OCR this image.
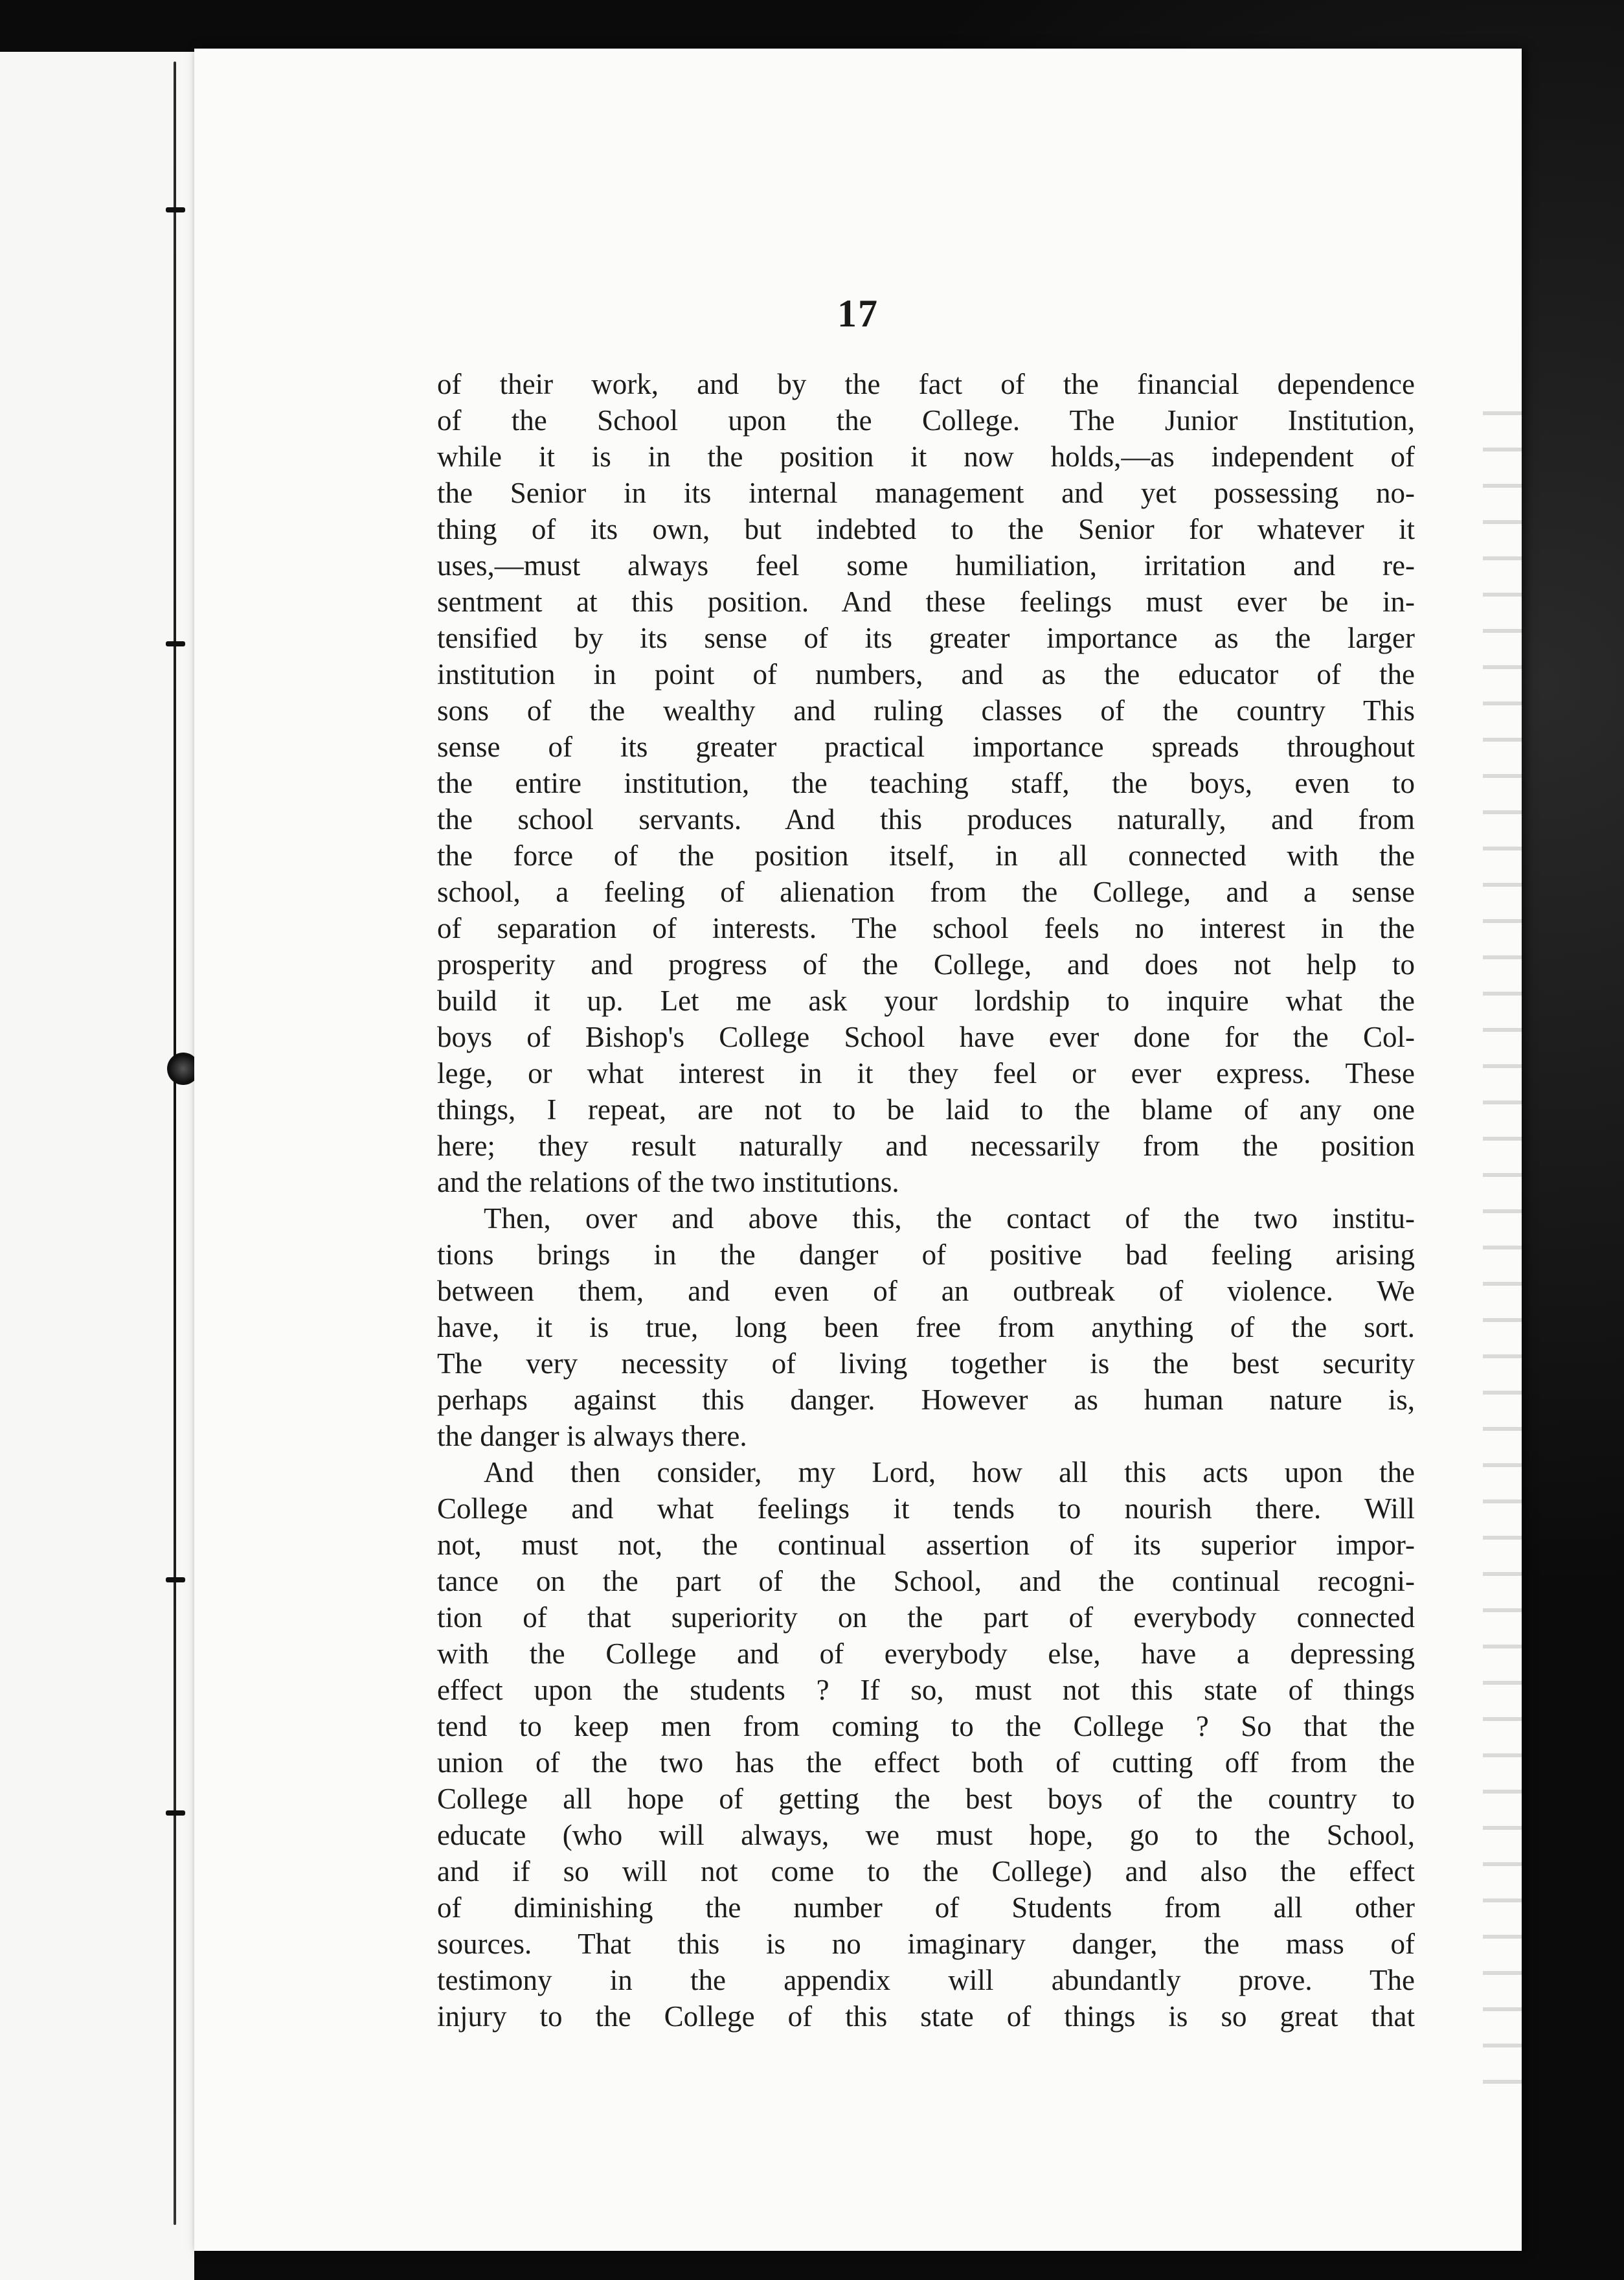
17
of their work, and by the fact of the financial dependence
of the School upon the College. The Junior Institution,
while it is in the position it now holds,—as independent of
the Senior in its internal management and yet possessing no-
thing of its own, but indebted to the Senior for whatever it
uses,—must always feel some humiliation, irritation and re-
sentment at this position. And these feelings must ever be in-
tensified by its sense of its greater importance as the larger
institution in point of numbers, and as the educator of the
sons of the wealthy and ruling classes of the country This
sense of its greater practical importance spreads throughout
the entire institution, the teaching staff, the boys, even to
the school servants. And this produces naturally, and from
the force of the position itself, in all connected with the
school, a feeling of alienation from the College, and a sense
of separation of interests. The school feels no interest in the
prosperity and progress of the College, and does not help to
build it up. Let me ask your lordship to inquire what the
boys of Bishop's College School have ever done for the Col-
lege, or what interest in it they feel or ever express. These
things, I repeat, are not to be laid to the blame of any one
here; they result naturally and necessarily from the position
and the relations of the two institutions.
Then, over and above this, the contact of the two institu-
tions brings in the danger of positive bad feeling arising
between them, and even of an outbreak of violence. We
have, it is true, long been free from anything of the sort.
The very necessity of living together is the best security
perhaps against this danger. However as human nature is,
the danger is always there.
And then consider, my Lord, how all this acts upon the
College and what feelings it tends to nourish there. Will
not, must not, the continual assertion of its superior impor-
tance on the part of the School, and the continual recogni-
tion of that superiority on the part of everybody connected
with the College and of everybody else, have a depressing
effect upon the students ? If so, must not this state of things
tend to keep men from coming to the College ? So that the
union of the two has the effect both of cutting off from the
College all hope of getting the best boys of the country to
educate (who will always, we must hope, go to the School,
and if so will not come to the College) and also the effect
of diminishing the number of Students from all other
sources. That this is no imaginary danger, the mass of
testimony in the appendix will abundantly prove. The
injury to the College of this state of things is so great that
